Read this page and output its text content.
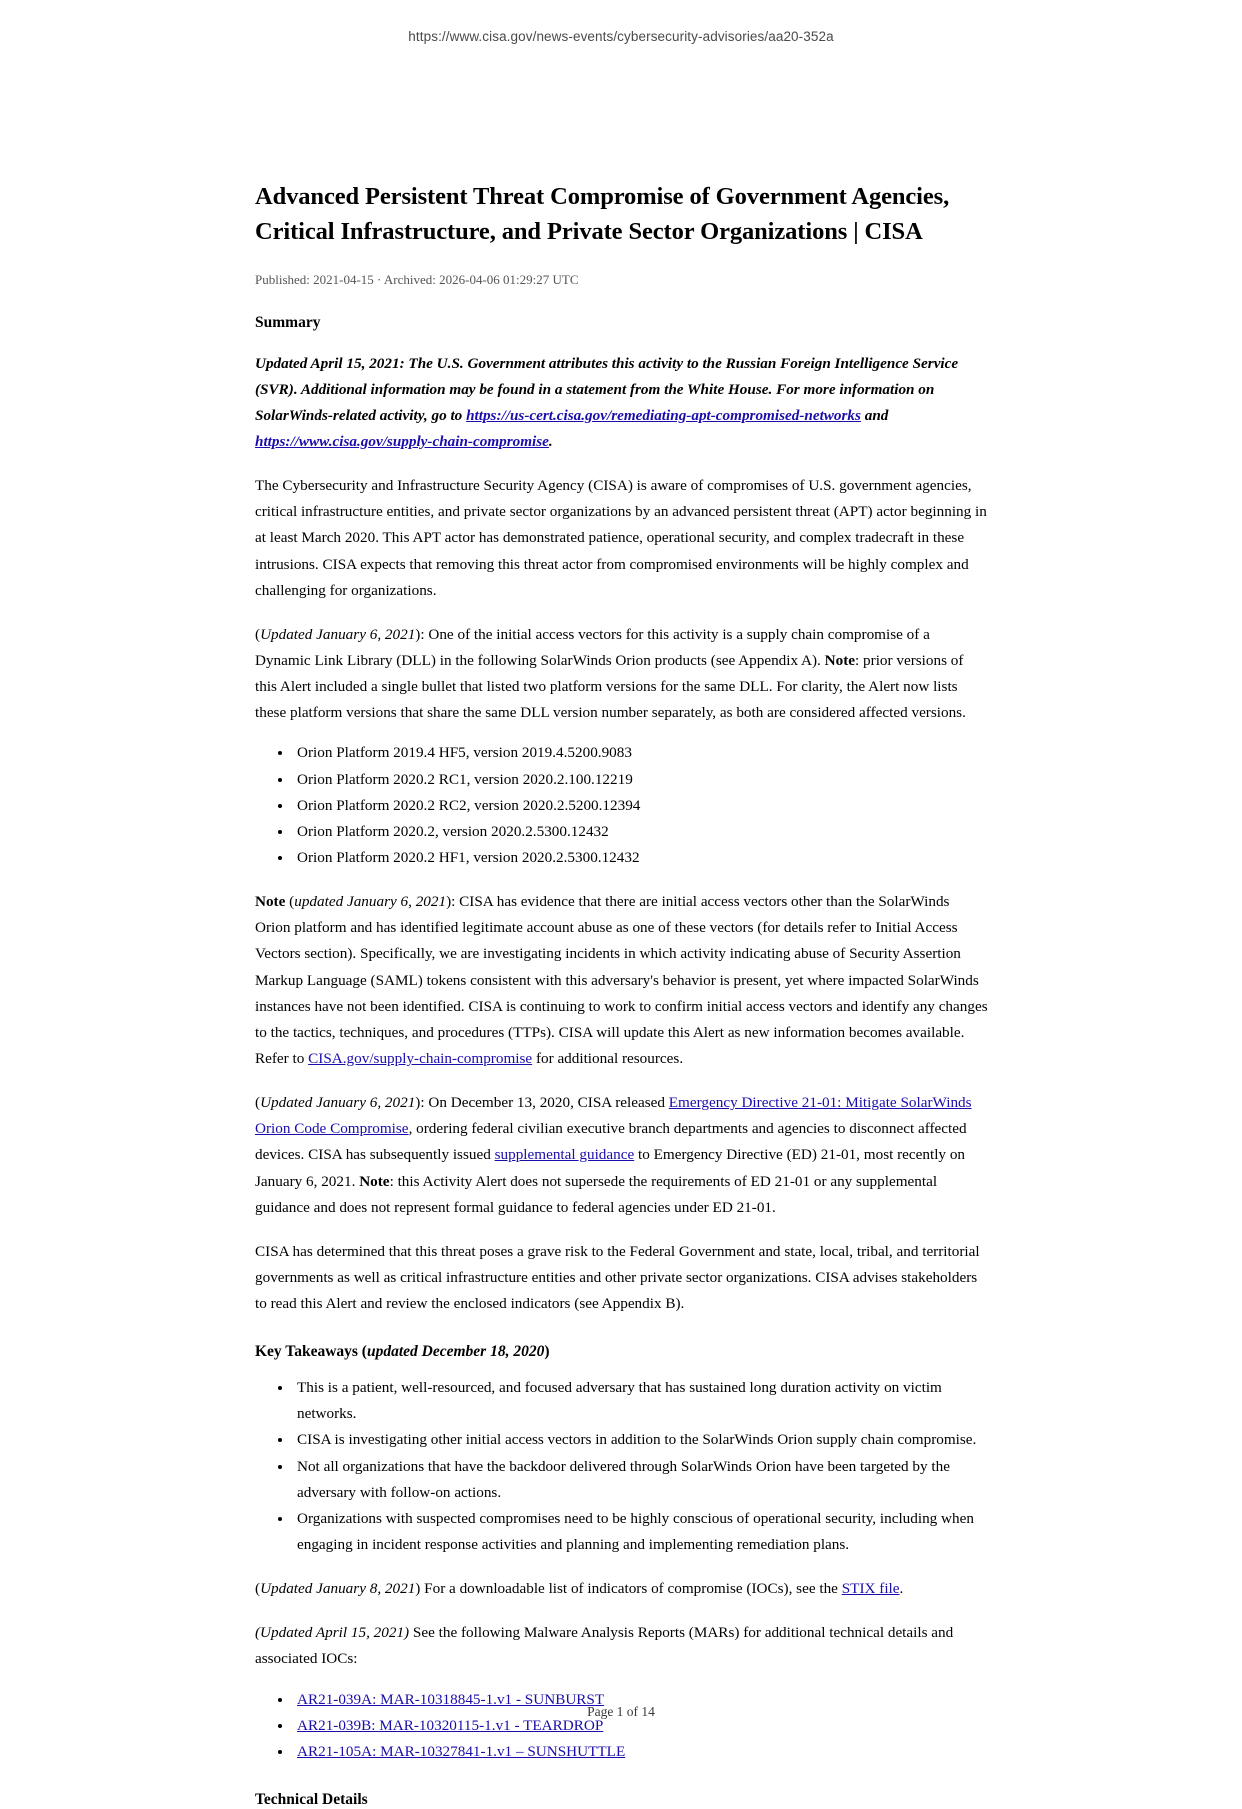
https://www.cisa.gov/news-events/cybersecurity-advisories/aa20-352a
Advanced Persistent Threat Compromise of Government Agencies, Critical Infrastructure, and Private Sector Organizations | CISA
Published: 2021-04-15 · Archived: 2026-04-06 01:29:27 UTC
Summary

Updated April 15, 2021: The U.S. Government attributes this activity to the Russian Foreign Intelligence Service (SVR). Additional information may be found in a statement from the White House. For more information on SolarWinds-related activity, go to https://us-cert.cisa.gov/remediating-apt-compromised-networks and https://www.cisa.gov/supply-chain-compromise.

The Cybersecurity and Infrastructure Security Agency (CISA) is aware of compromises of U.S. government agencies, critical infrastructure entities, and private sector organizations by an advanced persistent threat (APT) actor beginning in at least March 2020. This APT actor has demonstrated patience, operational security, and complex tradecraft in these intrusions. CISA expects that removing this threat actor from compromised environments will be highly complex and challenging for organizations.

(Updated January 6, 2021): One of the initial access vectors for this activity is a supply chain compromise of a Dynamic Link Library (DLL) in the following SolarWinds Orion products (see Appendix A). Note: prior versions of this Alert included a single bullet that listed two platform versions for the same DLL. For clarity, the Alert now lists these platform versions that share the same DLL version number separately, as both are considered affected versions.

• Orion Platform 2019.4 HF5, version 2019.4.5200.9083
• Orion Platform 2020.2 RC1, version 2020.2.100.12219
• Orion Platform 2020.2 RC2, version 2020.2.5200.12394
• Orion Platform 2020.2, version 2020.2.5300.12432
• Orion Platform 2020.2 HF1, version 2020.2.5300.12432

Note (updated January 6, 2021): CISA has evidence that there are initial access vectors other than the SolarWinds Orion platform and has identified legitimate account abuse as one of these vectors (for details refer to Initial Access Vectors section). Specifically, we are investigating incidents in which activity indicating abuse of Security Assertion Markup Language (SAML) tokens consistent with this adversary's behavior is present, yet where impacted SolarWinds instances have not been identified. CISA is continuing to work to confirm initial access vectors and identify any changes to the tactics, techniques, and procedures (TTPs). CISA will update this Alert as new information becomes available. Refer to CISA.gov/supply-chain-compromise for additional resources.

(Updated January 6, 2021): On December 13, 2020, CISA released Emergency Directive 21-01: Mitigate SolarWinds Orion Code Compromise, ordering federal civilian executive branch departments and agencies to disconnect affected devices. CISA has subsequently issued supplemental guidance to Emergency Directive (ED) 21-01, most recently on January 6, 2021. Note: this Activity Alert does not supersede the requirements of ED 21-01 or any supplemental guidance and does not represent formal guidance to federal agencies under ED 21-01.

CISA has determined that this threat poses a grave risk to the Federal Government and state, local, tribal, and territorial governments as well as critical infrastructure entities and other private sector organizations. CISA advises stakeholders to read this Alert and review the enclosed indicators (see Appendix B).

Key Takeaways (updated December 18, 2020)
• This is a patient, well-resourced, and focused adversary that has sustained long duration activity on victim networks.
• CISA is investigating other initial access vectors in addition to the SolarWinds Orion supply chain compromise.
• Not all organizations that have the backdoor delivered through SolarWinds Orion have been targeted by the adversary with follow-on actions.
• Organizations with suspected compromises need to be highly conscious of operational security, including when engaging in incident response activities and planning and implementing remediation plans.

(Updated January 8, 2021) For a downloadable list of indicators of compromise (IOCs), see the STIX file.

(Updated April 15, 2021) See the following Malware Analysis Reports (MARs) for additional technical details and associated IOCs:

• AR21-039A: MAR-10318845-1.v1 - SUNBURST
• AR21-039B: MAR-10320115-1.v1 - TEARDROP
• AR21-105A: MAR-10327841-1.v1 – SUNSHUTTLE
Technical Details
Page 1 of 14
